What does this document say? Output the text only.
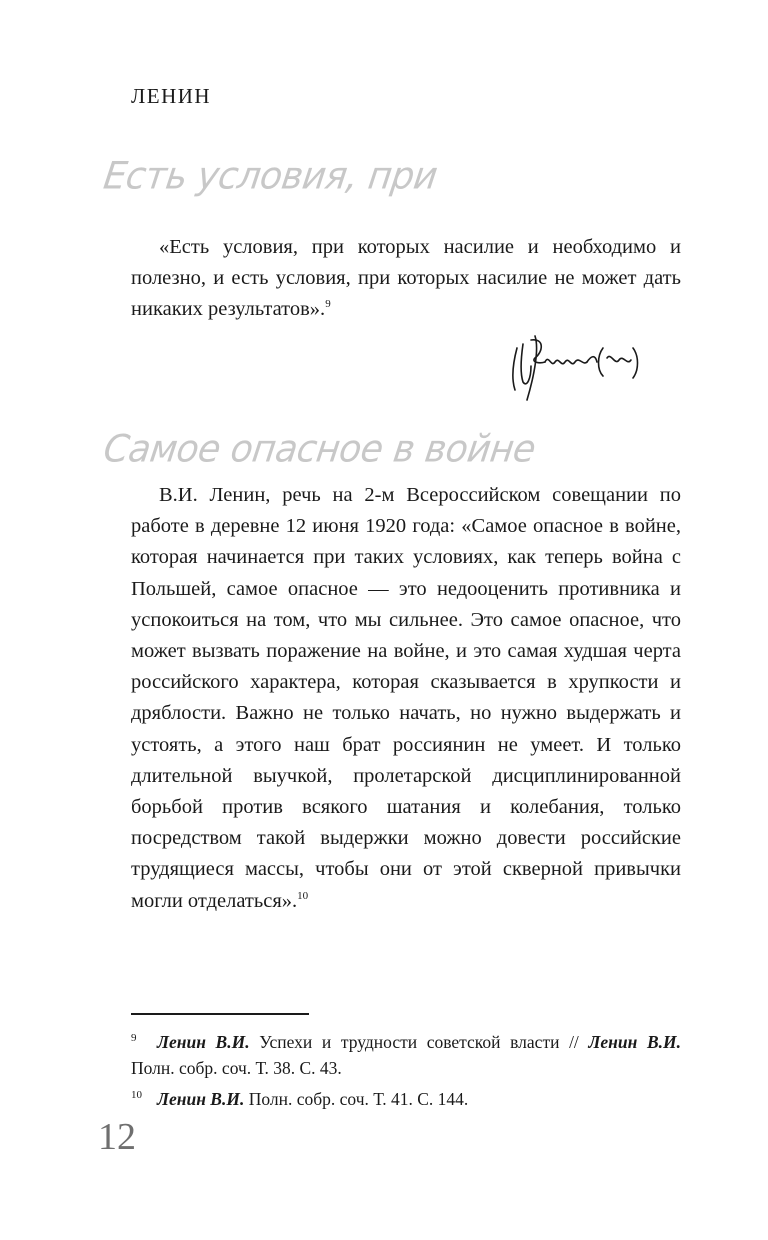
ЛЕНИН
Есть условия, при

«Есть условия, при которых насилие и необходимо и полезно, и есть условия, при которых насилие не может дать никаких результатов».$^9$

Самое опасное в войне

В.И. Ленин, речь на 2-м Всероссийском совещании по работе в деревне 12 июня 1920 года: «Самое опасное в войне, которая начинается при таких условиях, как теперь война с Польшей, самое опасное — это недооценить противника и успокоиться на том, что мы сильнее. Это самое опасное, что может вызвать поражение на войне, и это самая худшая черта российского характера, которая сказывается в хрупкости и дряблости. Важно не только начать, но нужно выдержать и устоять, а этого наш брат россиянин не умеет. И только длительной выучкой, пролетарской дисциплинированной борьбой против всякого шатания и колебания, только посредством такой выдержки можно довести российские трудящиеся массы, чтобы они от этой скверной привычки могли отделаться».$^{10}$

9 Ленин В.И. Успехи и трудности советской власти // Ленин В.И. Полн. собр. соч. Т. 38. С. 43.

10 Ленин В.И. Полн. собр. соч. Т. 41. С. 144.

12
